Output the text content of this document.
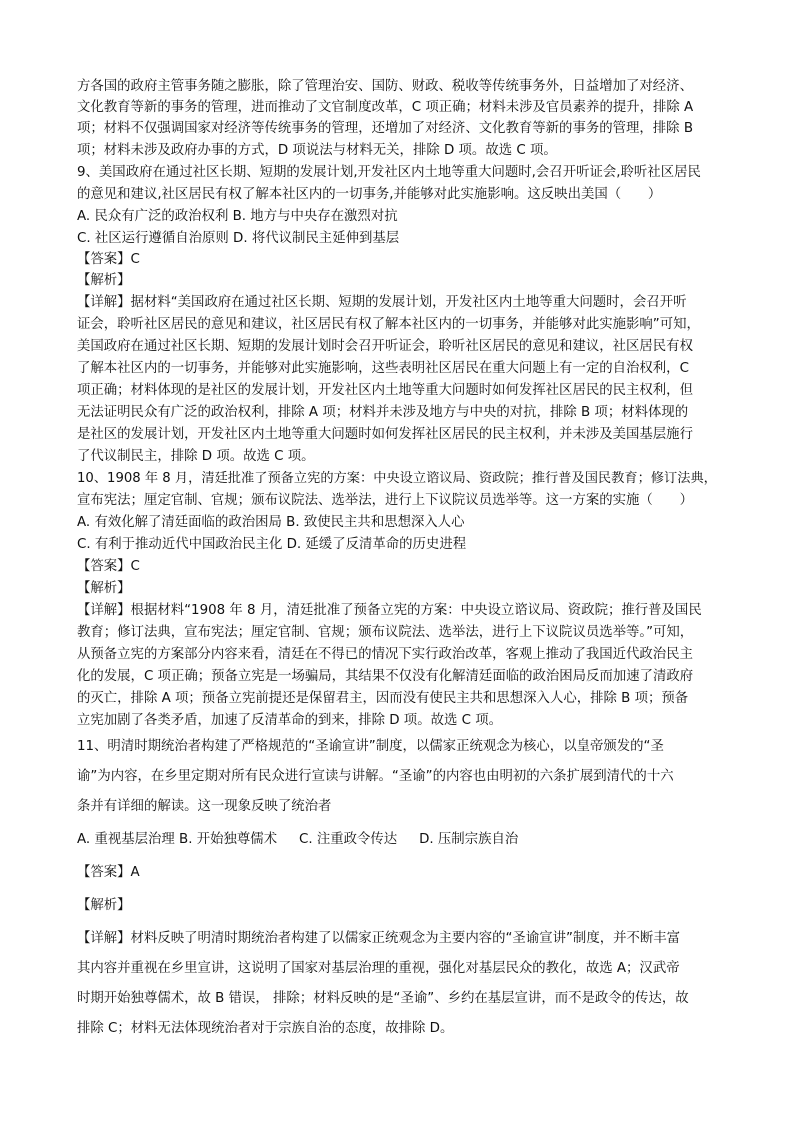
方各国的政府主管事务随之膨胀，除了管理治安、国防、财政、税收等传统事务外，日益增加了对经济、
文化教育等新的事务的管理，进而推动了文官制度改革，C 项正确；材料未涉及官员素养的提升，排除 A
项；材料不仅强调国家对经济等传统事务的管理，还增加了对经济、文化教育等新的事务的管理，排除 B
项；材料未涉及政府办事的方式，D 项说法与材料无关，排除 D 项。故选 C 项。
9、美国政府在通过社区长期、短期的发展计划,开发社区内土地等重大问题时,会召开听证会,聆听社区居民
的意见和建议,社区居民有权了解本社区内的一切事务,并能够对此实施影响。这反映出美国（　　）
A. 民众有广泛的政治权利 B. 地方与中央存在激烈对抗
C. 社区运行遵循自治原则 D. 将代议制民主延伸到基层
【答案】C
【解析】
【详解】据材料“美国政府在通过社区长期、短期的发展计划，开发社区内土地等重大问题时，会召开听
证会，聆听社区居民的意见和建议，社区居民有权了解本社区内的一切事务，并能够对此实施影响”可知，
美国政府在通过社区长期、短期的发展计划时会召开听证会，聆听社区居民的意见和建议，社区居民有权
了解本社区内的一切事务，并能够对此实施影响，这些表明社区居民在重大问题上有一定的自治权利，C
项正确；材料体现的是社区的发展计划，开发社区内土地等重大问题时如何发挥社区居民的民主权利，但
无法证明民众有广泛的政治权利，排除 A 项；材料并未涉及地方与中央的对抗，排除 B 项；材料体现的
是社区的发展计划，开发社区内土地等重大问题时如何发挥社区居民的民主权利，并未涉及美国基层施行
了代议制民主，排除 D 项。故选 C 项。
10、1908 年 8 月，清廷批准了预备立宪的方案：中央设立谘议局、资政院；推行普及国民教育；修订法典，
宣布宪法；厘定官制、官规；颁布议院法、选举法，进行上下议院议员选举等。这一方案的实施（　　）
A. 有效化解了清廷面临的政治困局 B. 致使民主共和思想深入人心
C. 有利于推动近代中国政治民主化 D. 延缓了反清革命的历史进程
【答案】C
【解析】
【详解】根据材料“1908 年 8 月，清廷批准了预备立宪的方案：中央设立谘议局、资政院；推行普及国民
教育；修订法典，宣布宪法；厘定官制、官规；颁布议院法、选举法，进行上下议院议员选举等。”可知，
从预备立宪的方案部分内容来看，清廷在不得已的情况下实行政治改革，客观上推动了我国近代政治民主
化的发展，C 项正确；预备立宪是一场骗局，其结果不仅没有化解清廷面临的政治困局反而加速了清政府
的灭亡，排除 A 项；预备立宪前提还是保留君主，因而没有使民主共和思想深入人心，排除 B 项；预备
立宪加剧了各类矛盾，加速了反清革命的到来，排除 D 项。故选 C 项。
11、明清时期统治者构建了严格规范的“圣谕宣讲”制度，以儒家正统观念为核心，以皇帝颁发的“圣
谕”为内容，在乡里定期对所有民众进行宣读与讲解。“圣谕”的内容也由明初的六条扩展到清代的十六
条并有详细的解读。这一现象反映了统治者
A. 重视基层治理 B. 开始独尊儒术 　 C. 注重政令传达 　 D. 压制宗族自治
【答案】A
【解析】
【详解】材料反映了明清时期统治者构建了以儒家正统观念为主要内容的“圣谕宣讲”制度，并不断丰富
其内容并重视在乡里宣讲，这说明了国家对基层治理的重视，强化对基层民众的教化，故选 A；汉武帝
时期开始独尊儒术，故 B 错误， 排除；材料反映的是“圣谕”、乡约在基层宣讲，而不是政令的传达，故
排除 C；材料无法体现统治者对于宗族自治的态度，故排除 D。
